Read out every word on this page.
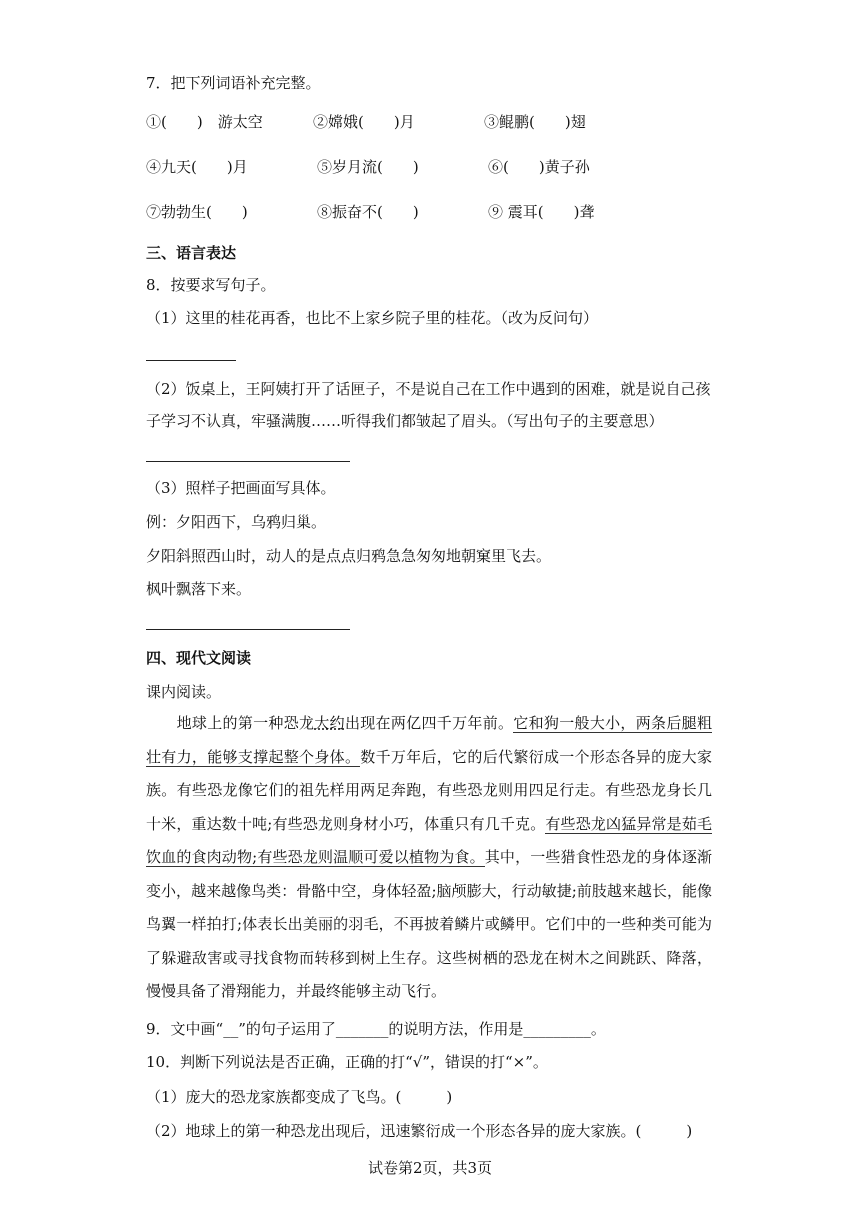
7．把下列词语补充完整。
①(　　)　游太空	②嫦娥(　　)月	③鲲鹏(　　)翅
④九天(　　)月	⑤岁月流(　　)	⑥(　　)黄子孙
⑦勃勃生(　　)	⑧振奋不(　　)	⑨ 震耳(　　)聋
三、语言表达
8．按要求写句子。
（1）这里的桂花再香，也比不上家乡院子里的桂花。（改为反问句）
（2）饭桌上，王阿姨打开了话匣子，不是说自己在工作中遇到的困难，就是说自己孩
子学习不认真，牢骚满腹……听得我们都皱起了眉头。（写出句子的主要意思）
（3）照样子把画面写具体。
例：夕阳西下，乌鸦归巢。
夕阳斜照西山时，动人的是点点归鸦急急匆匆地朝窠里飞去。
枫叶飘落下来。
四、现代文阅读
课内阅读。
　　地球上的第一种恐龙大约出现在两亿四千万年前。它和狗一般大小，两条后腿粗壮有力，能够支撑起整个身体。数千万年后，它的后代繁衍成一个形态各异的庞大家族。有些恐龙像它们的祖先样用两足奔跑，有些恐龙则用四足行走。有些恐龙身长几十米，重达数十吨;有些恐龙则身材小巧，体重只有几千克。有些恐龙凶猛异常是茹毛饮血的食肉动物;有些恐龙则温顺可爱以植物为食。其中，一些猎食性恐龙的身体逐渐变小，越来越像鸟类：骨骼中空，身体轻盈;脑颅膨大，行动敏捷;前肢越来越长，能像鸟翼一样拍打;体表长出美丽的羽毛，不再披着鳞片或鳞甲。它们中的一些种类可能为了躲避敌害或寻找食物而转移到树上生存。这些树栖的恐龙在树木之间跳跃、降落，慢慢具备了滑翔能力，并最终能够主动飞行。
9．文中画“__”的句子运用了_______的说明方法，作用是_________。
10．判断下列说法是否正确，正确的打“√”，错误的打“×”。
（1）庞大的恐龙家族都变成了飞鸟。(　　　)
（2）地球上的第一种恐龙出现后，迅速繁衍成一个形态各异的庞大家族。(　　　)
试卷第2页，共3页
